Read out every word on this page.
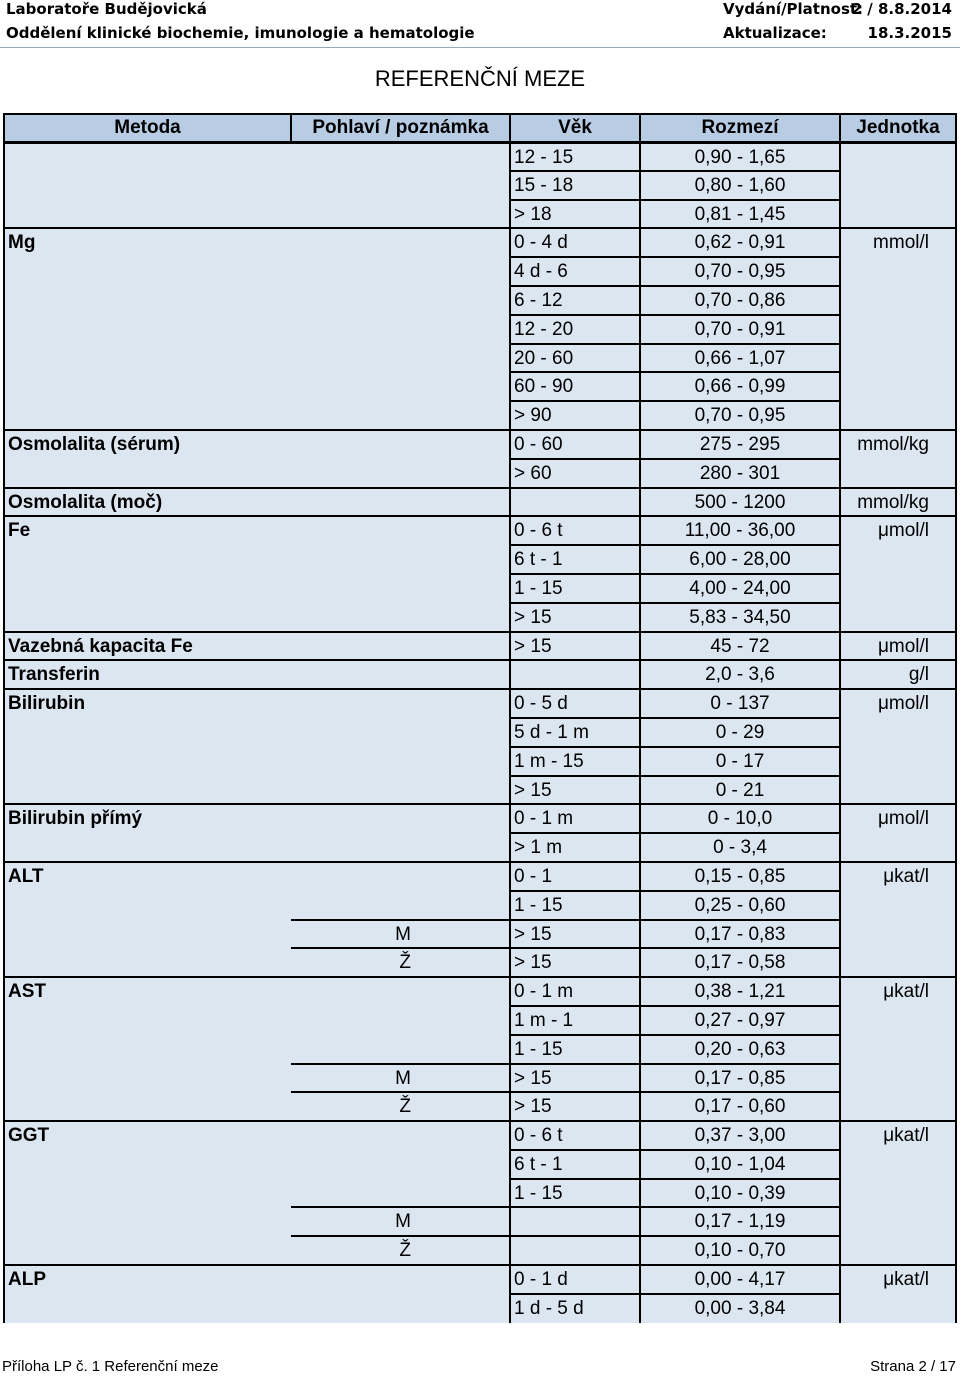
Laboratoře Budějovická	Vydání/Platnost:
2 / 8.8.2014
Oddělení klinické biochemie, imunologie a hematologie	Aktualizace:	18.3.2015
REFERENČNÍ MEZE
Metoda	Pohlaví / poznámka	Věk	Rozmezí	Jednotka
		12 - 15	0,90 - 1,65	
		15 - 18	0,80 - 1,60	
		> 18	0,81 - 1,45	
Mg		0 - 4 d	0,62 - 0,91	mmol/l
		4 d - 6	0,70 - 0,95	
		6 - 12	0,70 - 0,86	
		12 - 20	0,70 - 0,91	
		20 - 60	0,66 - 1,07	
		60 - 90	0,66 - 0,99	
		> 90	0,70 - 0,95	
Osmolalita (sérum)		0 - 60	275 - 295	mmol/kg
		> 60	280 - 301	
Osmolalita (moč)			500 - 1200	mmol/kg
Fe		0 - 6 t	11,00 - 36,00	μmol/l
		6 t - 1	6,00 - 28,00	
		1 - 15	4,00 - 24,00	
		> 15	5,83 - 34,50	
Vazebná kapacita Fe		> 15	45 - 72	μmol/l
Transferin			2,0 - 3,6	g/l
Bilirubin		0 - 5 d	0 - 137	μmol/l
		5 d - 1 m	0 - 29	
		1 m - 15	0 - 17	
		> 15	0 - 21	
Bilirubin přímý		0 - 1 m	0 - 10,0	μmol/l
		> 1 m	0 - 3,4	
ALT		0 - 1	0,15 - 0,85	μkat/l
		1 - 15	0,25 - 0,60	
	M	> 15	0,17 - 0,83	
	Ž	> 15	0,17 - 0,58	
AST		0 - 1 m	0,38 - 1,21	μkat/l
		1 m - 1	0,27 - 0,97	
		1 - 15	0,20 - 0,63	
	M	> 15	0,17 - 0,85	
	Ž	> 15	0,17 - 0,60	
GGT		0 - 6 t	0,37 - 3,00	μkat/l
		6 t - 1	0,10 - 1,04	
		1 - 15	0,10 - 0,39	
	M		0,17 - 1,19	
	Ž		0,10 - 0,70	
ALP		0 - 1 d	0,00 - 4,17	μkat/l
		1 d - 5 d	0,00 - 3,84	
Příloha LP č. 1 Referenční meze	Strana 2 / 17
